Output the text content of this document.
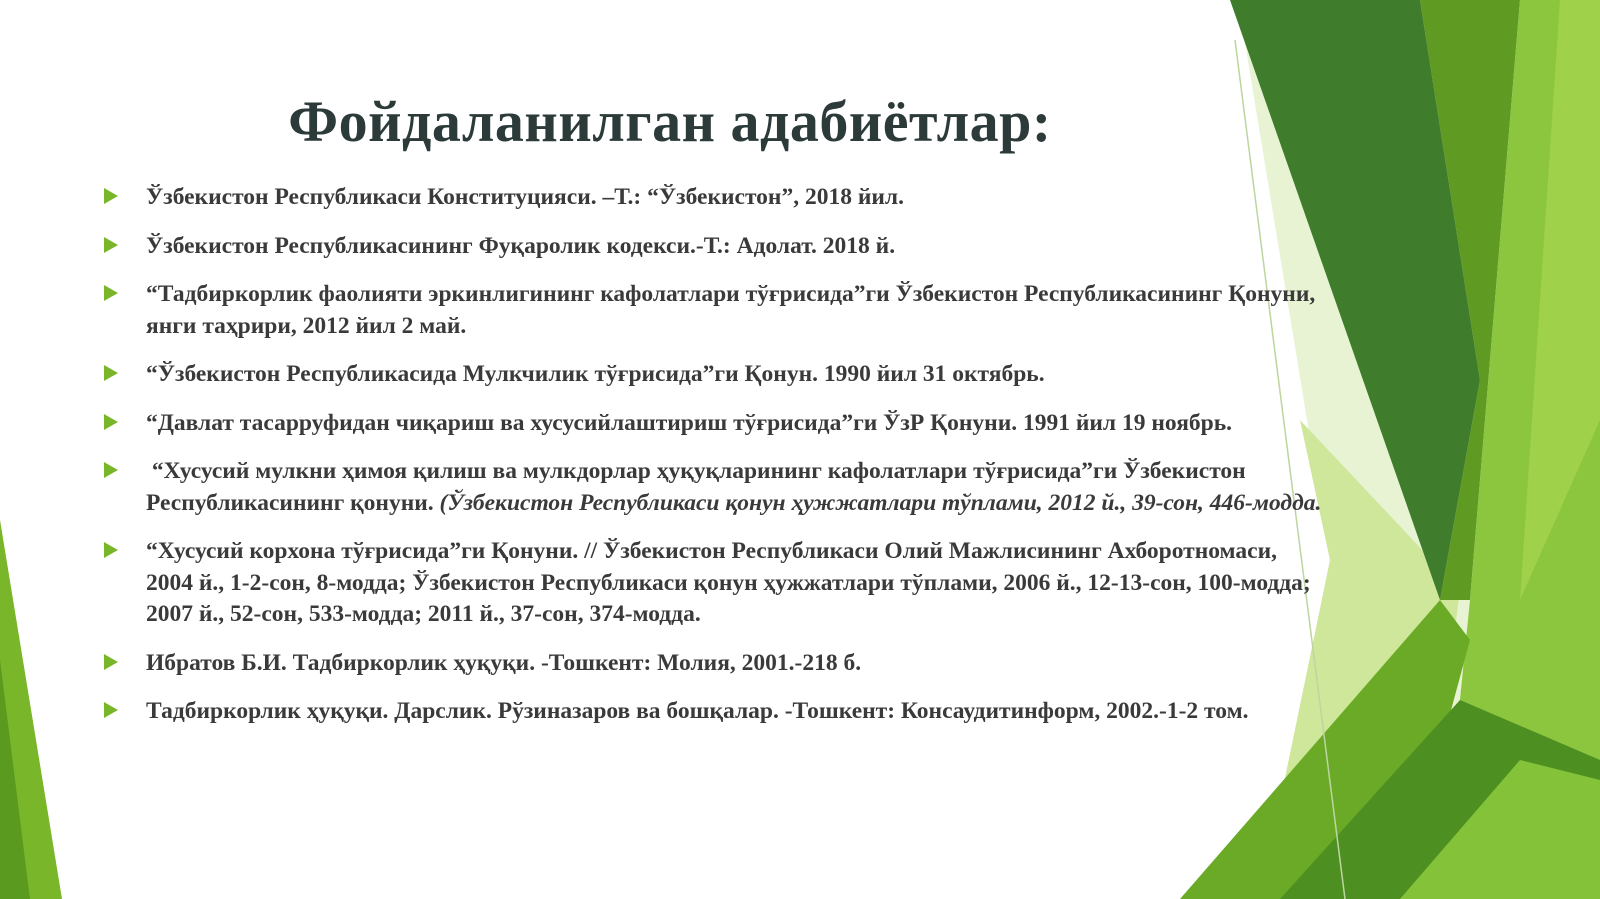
Фойдаланилган адабиётлар:
Ўзбекистон Республикаси Конституцияси. –Т.: “Ўзбекистон”, 2018 йил.
Ўзбекистон Республикасининг Фуқаролик кодекси.-Т.: Адолат. 2018 й.
“Тадбиркорлик фаолияти эркинлигининг кафолатлари тўғрисида”ги Ўзбекистон Республикасининг Қонуни, янги таҳрири, 2012 йил 2 май.
“Ўзбекистон Республикасида Мулкчилик тўғрисида”ги Қонун. 1990 йил 31 октябрь.
“Давлат тасарруфидан чиқариш ва хусусийлаштириш тўғрисида”ги ЎзР Қонуни. 1991 йил 19 ноябрь.
“Хусусий мулкни ҳимоя қилиш ва мулкдорлар ҳуқуқларининг кафолатлари тўғрисида”ги Ўзбекистон Республикасининг қонуни. (Ўзбекистон Республикаси қонун ҳужжатлари тўплами, 2012 й., 39-сон, 446-модда.
“Хусусий корхона тўғрисида”ги Қонуни. // Ўзбекистон Республикаси Олий Мажлисининг Ахборотномаси, 2004 й., 1-2-сон, 8-модда; Ўзбекистон Республикаси қонун ҳужжатлари тўплами, 2006 й., 12-13-сон, 100-модда; 2007 й., 52-сон, 533-модда; 2011 й., 37-сон, 374-модда.
Ибратов Б.И. Тадбиркорлик ҳуқуқи. -Тошкент: Молия, 2001.-218 б.
Тадбиркорлик ҳуқуқи. Дарслик. Рўзиназаров ва бошқалар. -Тошкент: Консаудитинформ, 2002.-1-2 том.
